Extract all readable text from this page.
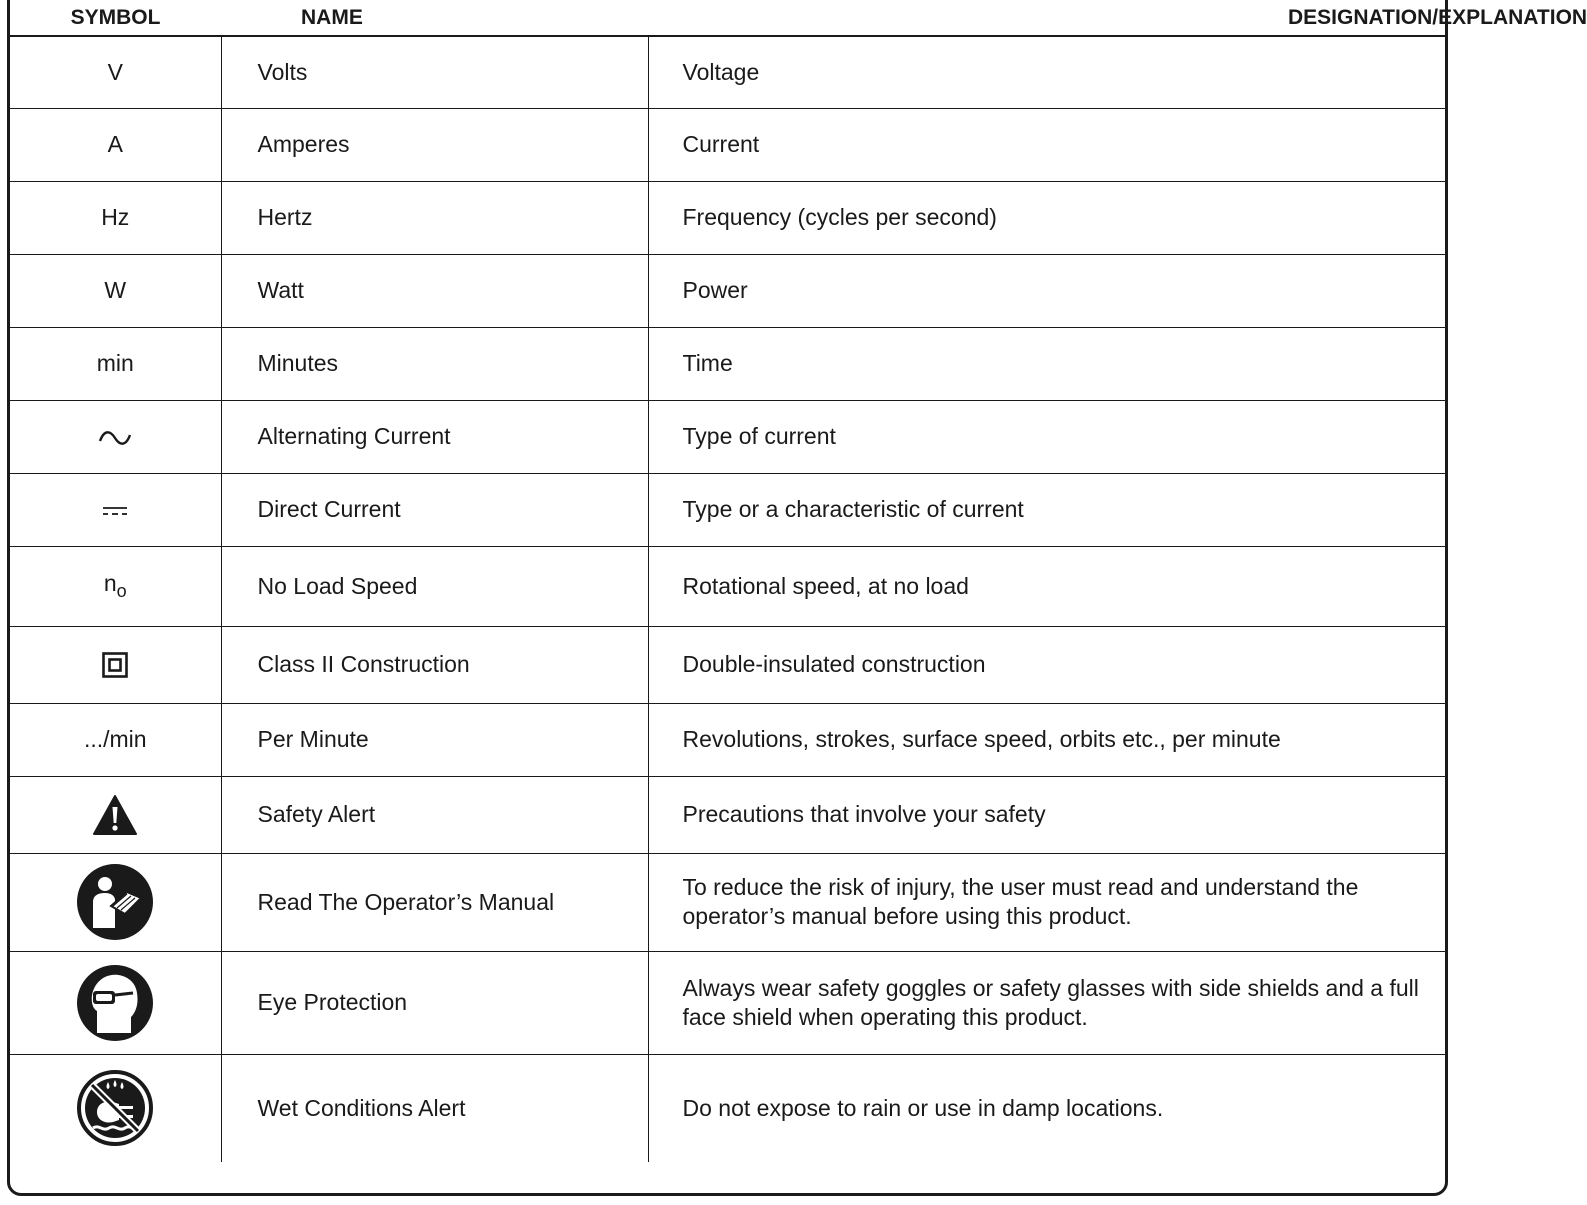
SYMBOL	NAME	DESIGNATION/EXPLANATION
V	Volts	Voltage
A	Amperes	Current
Hz	Hertz	Frequency (cycles per second)
W	Watt	Power
min	Minutes	Time
	Alternating Current	Type of current
	Direct Current	Type or a characteristic of current
$n_o$	No Load Speed	Rotational speed, at no load
	Class II Construction	Double-insulated construction
.../min	Per Minute	Revolutions, strokes, surface speed, orbits etc., per minute
	Safety Alert	Precautions that involve your safety
	Read The Operator’s Manual	To reduce the risk of injury, the user must read and understand the operator’s manual before using this product.
	Eye Protection	Always wear safety goggles or safety glasses with side shields and a full face shield when operating this product.
	Wet Conditions Alert	Do not expose to rain or use in damp locations.
